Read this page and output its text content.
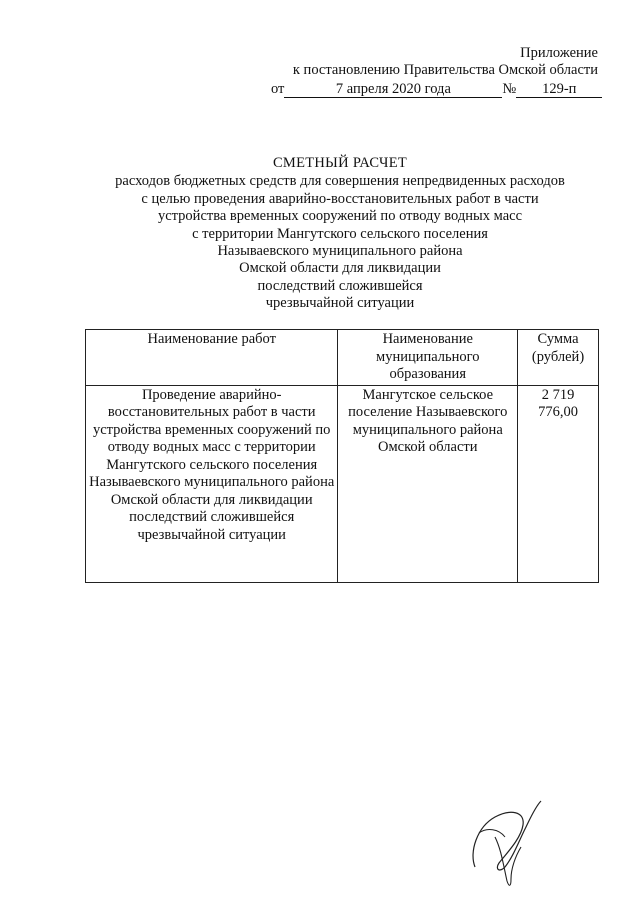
Приложение
к постановлению Правительства Омской области
от	7 апреля 2020 года	№ 129-п
СМЕТНЫЙ РАСЧЕТ
расходов бюджетных средств для совершения непредвиденных расходов
с целью проведения аварийно-восстановительных работ в части
устройства временных сооружений по отводу водных масс
с территории Мангутского сельского поселения
Называевского муниципального района
Омской области для ликвидации
последствий сложившейся
чрезвычайной ситуации
Наименование работ	Наименование муниципального образования	Сумма (рублей)
Проведение аварийно-восстановительных работ в части устройства временных сооружений по отводу водных масс с территории Мангутского сельского поселения Называевского муниципального района Омской области для ликвидации последствий сложившейся чрезвычайной ситуации	Мангутское сельское поселение Называевского муниципального района Омской области	2 719 776,00
